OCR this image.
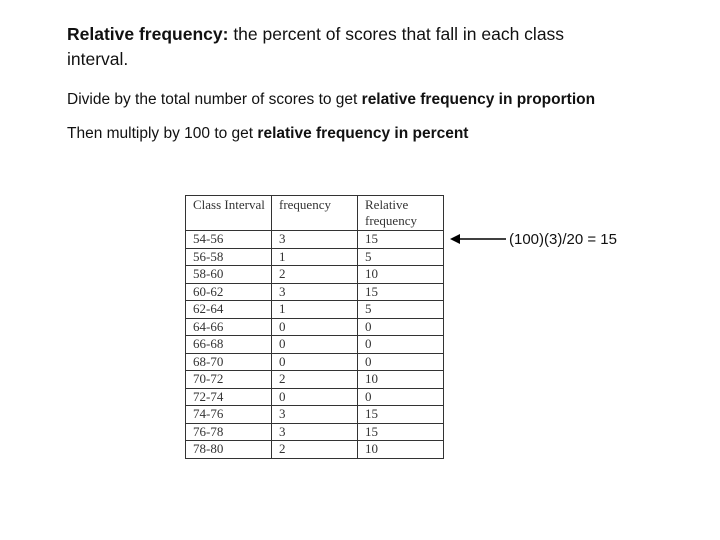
Relative frequency: the percent of scores that fall in each class interval.
Divide by the total number of scores to get relative frequency in proportion
Then multiply by 100 to get relative frequency in percent
Class Interval	frequency	Relative frequency
54-56	3	15
56-58	1	5
58-60	2	10
60-62	3	15
62-64	1	5
64-66	0	0
66-68	0	0
68-70	0	0
70-72	2	10
72-74	0	0
74-76	3	15
76-78	3	15
78-80	2	10
(100)(3)/20 = 15
